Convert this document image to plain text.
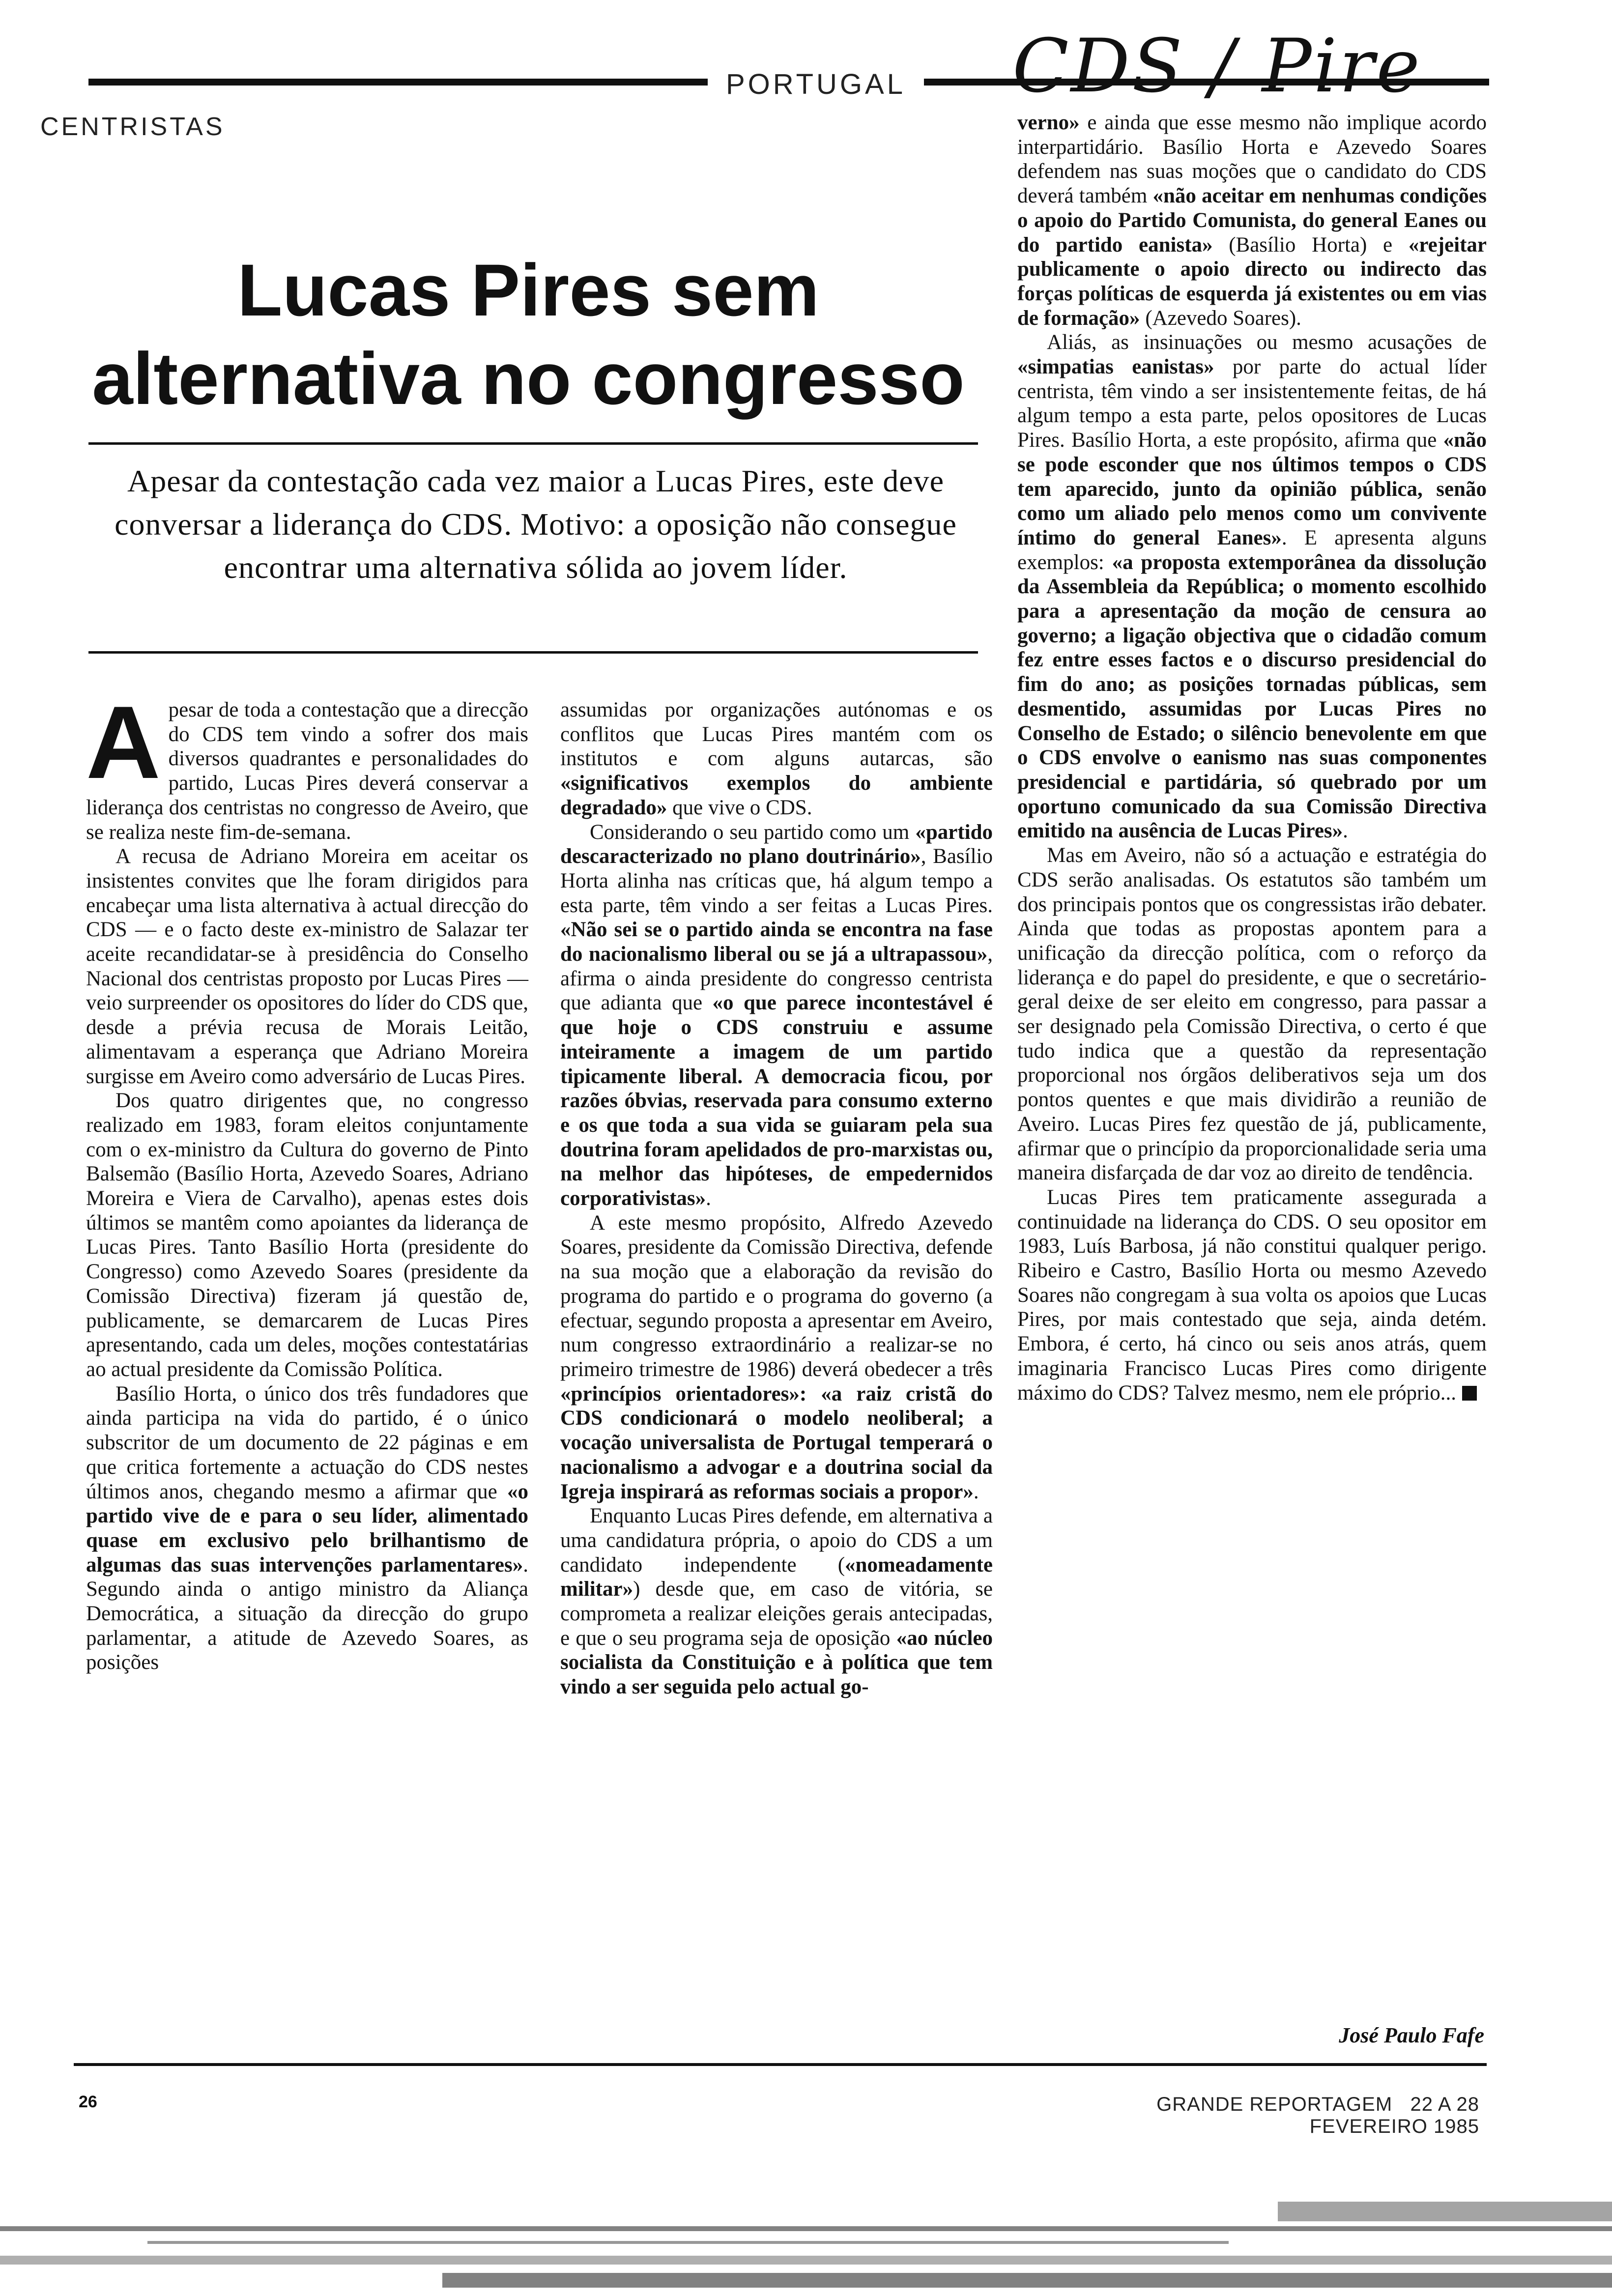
PORTUGAL CDS / Pire
CENTRISTAS
Lucas Pires sem
alternativa no congresso
Apesar da contestação cada vez maior a Lucas Pires, este deve conversar a liderança do CDS. Motivo: a oposição não consegue encontrar uma alternativa sólida ao jovem líder.

Apesar de toda a contestação que a direcção do CDS tem vindo a sofrer dos mais diversos quadrantes e personalidades do partido, Lucas Pires deverá conservar a liderança dos centristas no congresso de Aveiro, que se realiza neste fim-de-semana.

A recusa de Adriano Moreira em aceitar os insistentes convites que lhe foram dirigidos para encabeçar uma lista alternativa à actual direcção do CDS — e o facto deste ex-ministro de Salazar ter aceite recandidatar-se à presidência do Conselho Nacional dos centristas proposto por Lucas Pires — veio surpreender os opositores do líder do CDS que, desde a prévia recusa de Morais Leitão, alimentavam a esperança que Adriano Moreira surgisse em Aveiro como adversário de Lucas Pires.

Dos quatro dirigentes que, no congresso realizado em 1983, foram eleitos conjuntamente com o ex-ministro da Cultura do governo de Pinto Balsemão (Basílio Horta, Azevedo Soares, Adriano Moreira e Viera de Carvalho), apenas estes dois últimos se mantêm como apoiantes da liderança de Lucas Pires. Tanto Basílio Horta (presidente do Congresso) como Azevedo Soares (presidente da Comissão Directiva) fizeram já questão de, publicamente, se demarcarem de Lucas Pires apresentando, cada um deles, moções contestatárias ao actual presidente da Comissão Política.

Basílio Horta, o único dos três fundadores que ainda participa na vida do partido, é o único subscritor de um documento de 22 páginas e em que critica fortemente a actuação do CDS nestes últimos anos, chegando mesmo a afirmar que «o partido vive de e para o seu líder, alimentado quase em exclusivo pelo brilhantismo de algumas das suas intervenções parlamentares». Segundo ainda o antigo ministro da Aliança Democrática, a situação da direcção do grupo parlamentar, a atitude de Azevedo Soares, as posições

assumidas por organizações autónomas e os conflitos que Lucas Pires mantém com os institutos e com alguns autarcas, são «significativos exemplos do ambiente degradado» que vive o CDS.

Considerando o seu partido como um «partido descaracterizado no plano doutrinário», Basílio Horta alinha nas críticas que, há algum tempo a esta parte, têm vindo a ser feitas a Lucas Pires. «Não sei se o partido ainda se encontra na fase do nacionalismo liberal ou se já a ultrapassou», afirma o ainda presidente do congresso centrista que adianta que «o que parece incontestável é que hoje o CDS construiu e assume inteiramente a imagem de um partido tipicamente liberal. A democracia ficou, por razões óbvias, reservada para consumo externo e os que toda a sua vida se guiaram pela sua doutrina foram apelidados de pro-marxistas ou, na melhor das hipóteses, de empedernidos corporativistas».

A este mesmo propósito, Alfredo Azevedo Soares, presidente da Comissão Directiva, defende na sua moção que a elaboração da revisão do programa do partido e o programa do governo (a efectuar, segundo proposta a apresentar em Aveiro, num congresso extraordinário a realizar-se no primeiro trimestre de 1986) deverá obedecer a três «princípios orientadores»: «a raiz cristã do CDS condicionará o modelo neoliberal; a vocação universalista de Portugal temperará o nacionalismo a advogar e a doutrina social da Igreja inspirará as reformas sociais a propor».

Enquanto Lucas Pires defende, em alternativa a uma candidatura própria, o apoio do CDS a um candidato independente («nomeadamente militar») desde que, em caso de vitória, se comprometa a realizar eleições gerais antecipadas, e que o seu programa seja de oposição «ao núcleo socialista da Constituição e à política que tem vindo a ser seguida pelo actual go-

verno» e ainda que esse mesmo não implique acordo interpartidário. Basílio Horta e Azevedo Soares defendem nas suas moções que o candidato do CDS deverá também «não aceitar em nenhumas condições o apoio do Partido Comunista, do general Eanes ou do partido eanista» (Basílio Horta) e «rejeitar publicamente o apoio directo ou indirecto das forças políticas de esquerda já existentes ou em vias de formação» (Azevedo Soares).

Aliás, as insinuações ou mesmo acusações de «simpatias eanistas» por parte do actual líder centrista, têm vindo a ser insistentemente feitas, de há algum tempo a esta parte, pelos opositores de Lucas Pires. Basílio Horta, a este propósito, afirma que «não se pode esconder que nos últimos tempos o CDS tem aparecido, junto da opinião pública, senão como um aliado pelo menos como um convivente íntimo do general Eanes». E apresenta alguns exemplos: «a proposta extemporânea da dissolução da Assembleia da República; o momento escolhido para a apresentação da moção de censura ao governo; a ligação objectiva que o cidadão comum fez entre esses factos e o discurso presidencial do fim do ano; as posições tornadas públicas, sem desmentido, assumidas por Lucas Pires no Conselho de Estado; o silêncio benevolente em que o CDS envolve o eanismo nas suas componentes presidencial e partidária, só quebrado por um oportuno comunicado da sua Comissão Directiva emitido na ausência de Lucas Pires».

Mas em Aveiro, não só a actuação e estratégia do CDS serão analisadas. Os estatutos são também um dos principais pontos que os congressistas irão debater. Ainda que todas as propostas apontem para a unificação da direcção política, com o reforço da liderança e do papel do presidente, e que o secretário-geral deixe de ser eleito em congresso, para passar a ser designado pela Comissão Directiva, o certo é que tudo indica que a questão da representação proporcional nos órgãos deliberativos seja um dos pontos quentes e que mais dividirão a reunião de Aveiro. Lucas Pires fez questão de já, publicamente, afirmar que o princípio da proporcionalidade seria uma maneira disfarçada de dar voz ao direito de tendência.

Lucas Pires tem praticamente assegurada a continuidade na liderança do CDS. O seu opositor em 1983, Luís Barbosa, já não constitui qualquer perigo. Ribeiro e Castro, Basílio Horta ou mesmo Azevedo Soares não congregam à sua volta os apoios que Lucas Pires, por mais contestado que seja, ainda detém. Embora, é certo, há cinco ou seis anos atrás, quem imaginaria Francisco Lucas Pires como dirigente máximo do CDS? Talvez mesmo, nem ele próprio...

José Paulo Fafe
26	GRANDE REPORTAGEM 22 A 28 FEVEREIRO 1985
